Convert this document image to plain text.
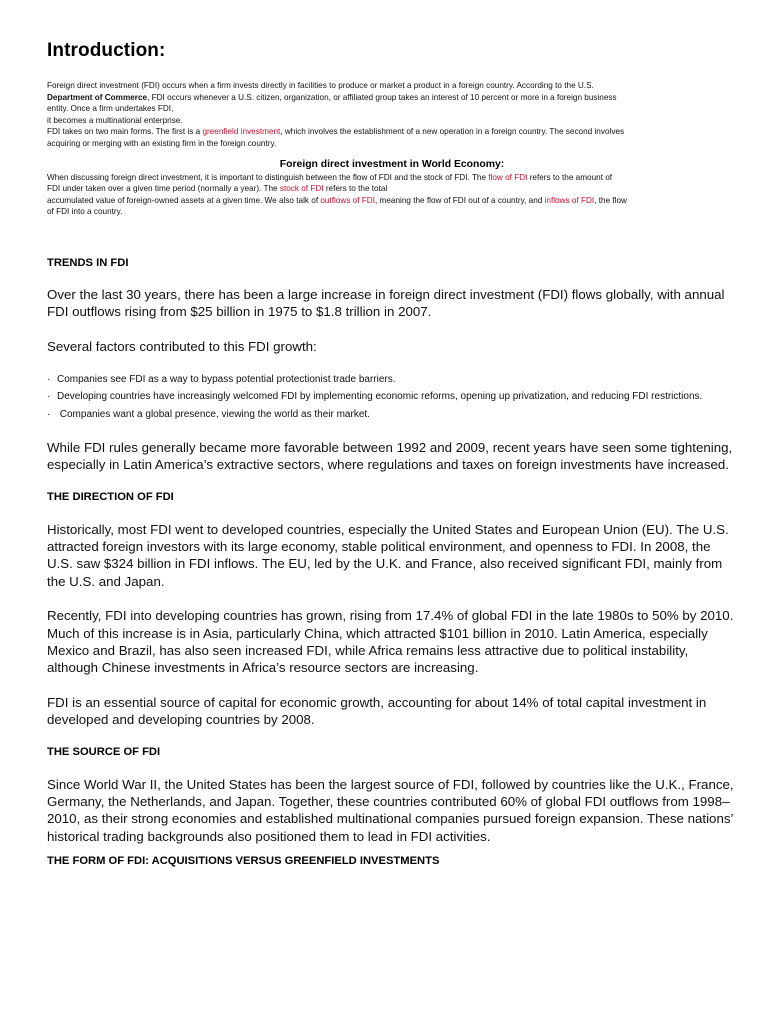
Introduction:

Foreign direct investment (FDI) occurs when a firm invests directly in facilities to produce or market a product in a foreign country. According to the U.S.

Department of Commerce, FDI occurs whenever a U.S. citizen, organization, or affiliated group takes an interest of 10 percent or more in a foreign business

entity. Once a firm undertakes FDI,

it becomes a multinational enterprise.

FDI takes on two main forms. The first is a greenfield investment, which involves the establishment of a new operation in a foreign country. The second involves

acquiring or merging with an existing firm in the foreign country.

Foreign direct investment in World Economy:

When discussing foreign direct investment, it is important to distinguish between the flow of FDI and the stock of FDI. The flow of FDI refers to the amount of

FDI under taken over a given time period (normally a year). The stock of FDI refers to the total

accumulated value of foreign-owned assets at a given time. We also talk of outflows of FDI, meaning the flow of FDI out of a country, and inflows of FDI, the flow

of FDI into a country.

TRENDS IN FDI

Over the last 30 years, there has been a large increase in foreign direct investment (FDI) flows globally, with annual FDI outflows rising from $25 billion in 1975 to $1.8 trillion in 2007.

Several factors contributed to this FDI growth:

· Companies see FDI as a way to bypass potential protectionist trade barriers.
· Developing countries have increasingly welcomed FDI by implementing economic reforms, opening up privatization, and reducing FDI restrictions.
· Companies want a global presence, viewing the world as their market.

While FDI rules generally became more favorable between 1992 and 2009, recent years have seen some tightening, especially in Latin America’s extractive sectors, where regulations and taxes on foreign investments have increased.

THE DIRECTION OF FDI

Historically, most FDI went to developed countries, especially the United States and European Union (EU). The U.S. attracted foreign investors with its large economy, stable political environment, and openness to FDI. In 2008, the U.S. saw $324 billion in FDI inflows. The EU, led by the U.K. and France, also received significant FDI, mainly from the U.S. and Japan.

Recently, FDI into developing countries has grown, rising from 17.4% of global FDI in the late 1980s to 50% by 2010. Much of this increase is in Asia, particularly China, which attracted $101 billion in 2010. Latin America, especially Mexico and Brazil, has also seen increased FDI, while Africa remains less attractive due to political instability, although Chinese investments in Africa’s resource sectors are increasing.

FDI is an essential source of capital for economic growth, accounting for about 14% of total capital investment in developed and developing countries by 2008.

THE SOURCE OF FDI

Since World War II, the United States has been the largest source of FDI, followed by countries like the U.K., France, Germany, the Netherlands, and Japan. Together, these countries contributed 60% of global FDI outflows from 1998–2010, as their strong economies and established multinational companies pursued foreign expansion. These nations’ historical trading backgrounds also positioned them to lead in FDI activities.

THE FORM OF FDI: ACQUISITIONS VERSUS GREENFIELD INVESTMENTS
